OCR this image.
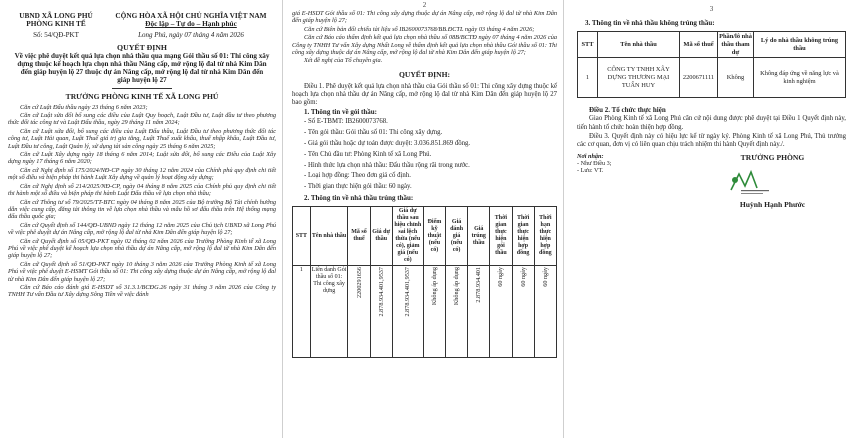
UBND XÃ LONG PHÚ
PHÒNG KINH TẾ
CỘNG HÒA XÃ HỘI CHỦ NGHĨA VIỆT NAM
Độc lập – Tự do – Hạnh phúc
Số: 54/QĐ-PKT	Long Phú, ngày 07 tháng 4 năm 2026
QUYẾT ĐỊNH
Về việc phê duyệt kết quả lựa chọn nhà thầu qua mạng Gói thầu số 01: Thi công xây dựng thuộc kế hoạch lựa chọn nhà thầu Nâng cấp, mở rộng lộ đal từ nhà Kim Dân đến giáp huyện lộ 27 thuộc dự án Nâng cấp, mở rộng lộ đal từ nhà Kim Dân đến giáp huyện lộ 27
TRƯỞNG PHÒNG KINH TẾ XÃ LONG PHÚ

Căn cứ Luật Đấu thầu ngày 23 tháng 6 năm 2023;

Căn cứ Luật sửa đổi bổ sung các điều của Luật Quy hoạch, Luật Đầu tư, Luật đầu tư theo phương thức đối tác công tư và Luật Đấu thầu, ngày 29 tháng 11 năm 2024;

Căn cứ Luật sửa đổi, bổ sung các điều của Luật Đấu thầu, Luật Đầu tư theo phương thức đối tác công tư, Luật Hải quan, Luật Thuế giá trị gia tăng, Luật Thuế xuất khẩu, thuế nhập khẩu, Luật Đầu tư, Luật Đầu tư công, Luật Quản lý, sử dụng tài sản công ngày 25 tháng 6 năm 2025;

Căn cứ Luật Xây dựng ngày 18 tháng 6 năm 2014; Luật sửa đổi, bổ sung các Điều của Luật Xây dựng ngày 17 tháng 6 năm 2020;

Căn cứ Nghị định số 175/2024/NĐ-CP ngày 30 tháng 12 năm 2024 của Chính phủ quy định chi tiết một số điều và biện pháp thi hành Luật Xây dựng về quản lý hoạt động xây dựng;

Căn cứ Nghị định số 214/2025/NĐ-CP, ngày 04 tháng 8 năm 2025 của Chính phủ quy định chi tiết thi hành một số điều và biện pháp thi hành Luật Đấu thầu về lựa chọn nhà thầu;

Căn cứ Thông tư số 79/2025/TT-BTC ngày 04 tháng 8 năm 2025 của Bộ trưởng Bộ Tài chính hướng dẫn việc cung cấp, đăng tải thông tin về lựa chọn nhà thầu và mẫu hồ sơ đấu thầu trên Hệ thống mạng đấu thầu quốc gia;

Căn cứ Quyết định số 144/QĐ-UBND ngày 12 tháng 12 năm 2025 của Chủ tịch UBND xã Long Phú về việc phê duyệt dự án Nâng cấp, mở rộng lộ đal từ nhà Kim Dân đến giáp huyện lộ 27;

Căn cứ Quyết định số 05/QĐ-PKT ngày 02 tháng 02 năm 2026 của Trưởng Phòng Kinh tế xã Long Phú về việc phê duyệt kế hoạch lựa chọn nhà thầu dự án Nâng cấp, mở rộng lộ đal từ nhà Kim Dân đến giáp huyện lộ 27;

Căn cứ Quyết định số 51/QĐ-PKT ngày 10 tháng 3 năm 2026 của Trưởng Phòng Kinh tế xã Long Phú về việc phê duyệt E-HSMT Gói thầu số 01: Thi công xây dựng thuộc dự án Nâng cấp, mở rộng lộ đal từ nhà Kim Dân đến giáp huyện lộ 27;

Căn cứ Báo cáo đánh giá E-HSDT số 31.3.1/BCĐG.26 ngày 31 tháng 3 năm 2026 của Công ty TNHH Tư vấn Đầu tư Xây dựng Sông Tiền về việc đánh

2

giá E-HSDT Gói thầu số 01: Thi công xây dựng thuộc dự án Nâng cấp, mở rộng lộ đal từ nhà Kim Dân đến giáp huyện lộ 27;

Căn cứ Biên bản đối chiếu tài liệu số IB2600073768/BB.ĐCTL ngày 03 tháng 4 năm 2026;

Căn cứ Báo cáo thẩm định kết quả lựa chọn nhà thầu số 08B/BCTĐ ngày 07 tháng 4 năm 2026 của Công ty TNHH Tư vấn Xây dựng Nhất Long về thẩm định kết quả lựa chọn nhà thầu Gói thầu số 01: Thi công xây dựng thuộc dự án Nâng cấp, mở rộng lộ đal từ nhà Kim Dân đến giáp huyện lộ 27;

Xét đề nghị của Tổ chuyên gia.

QUYẾT ĐỊNH:

Điều 1. Phê duyệt kết quả lựa chọn nhà thầu của Gói thầu số 01: Thi công xây dựng thuộc kế hoạch lựa chọn nhà thầu dự án Nâng cấp, mở rộng lộ đal từ nhà Kim Dân đến giáp huyện lộ 27 bao gồm:

1. Thông tin về gói thầu:
- Số E-TBMT: IB2600073768.
- Tên gói thầu: Gói thầu số 01: Thi công xây dựng.
- Giá gói thầu hoặc dự toán được duyệt: 3.036.851.869 đồng.
- Tên Chủ đầu tư: Phòng Kinh tế xã Long Phú.
- Hình thức lựa chọn nhà thầu: Đấu thầu rộng rãi trong nước.
- Loại hợp đồng: Theo đơn giá cố định.
- Thời gian thực hiện gói thầu: 60 ngày.
2. Thông tin về nhà thầu trúng thầu:
STT	Tên nhà thầu	Mã số thuế	Giá dự thầu	Giá dự thầu sau hiệu chỉnh sai lệch thừa (nếu có), giảm giá (nếu có)	Điểm kỹ thuật (nếu có)	Giá đánh giá (nếu có)	Giá trúng thầu	Thời gian thực hiện gói thầu	Thời gian thực hiện hợp đồng	Thời hạn thực hiện hợp đồng
1	Liên danh Gói thầu số 01: Thi công xây dựng	2200291656	2.878.934.401,9537	2.878.934.401,9537	Không áp dụng	Không áp dụng	2.878.934.401	60 ngày	60 ngày	60 ngày
3
3. Thông tin về nhà thầu không trúng thầu:
STT	Tên nhà thầu	Mã số thuế	Phần/lô nhà thầu tham dự	Lý do nhà thầu không trúng thầu
1	CÔNG TY TNHH XÂY DỰNG THƯƠNG MẠI TUẤN HUY	2200671111	Không	Không đáp ứng về năng lực và kinh nghiệm
Điều 2. Tổ chức thực hiện

Giao Phòng Kinh tế xã Long Phú căn cứ nội dung được phê duyệt tại Điều 1 Quyết định này, tiến hành tổ chức hoàn thiện hợp đồng.

Điều 3. Quyết định này có hiệu lực kể từ ngày ký. Phòng Kinh tế xã Long Phú, Thủ trưởng các cơ quan, đơn vị có liên quan chịu trách nhiệm thi hành Quyết định này./.

Nơi nhận:
- Như Điều 3;
- Lưu: VT.
TRƯỞNG PHÒNG
Huỳnh Hạnh Phước
